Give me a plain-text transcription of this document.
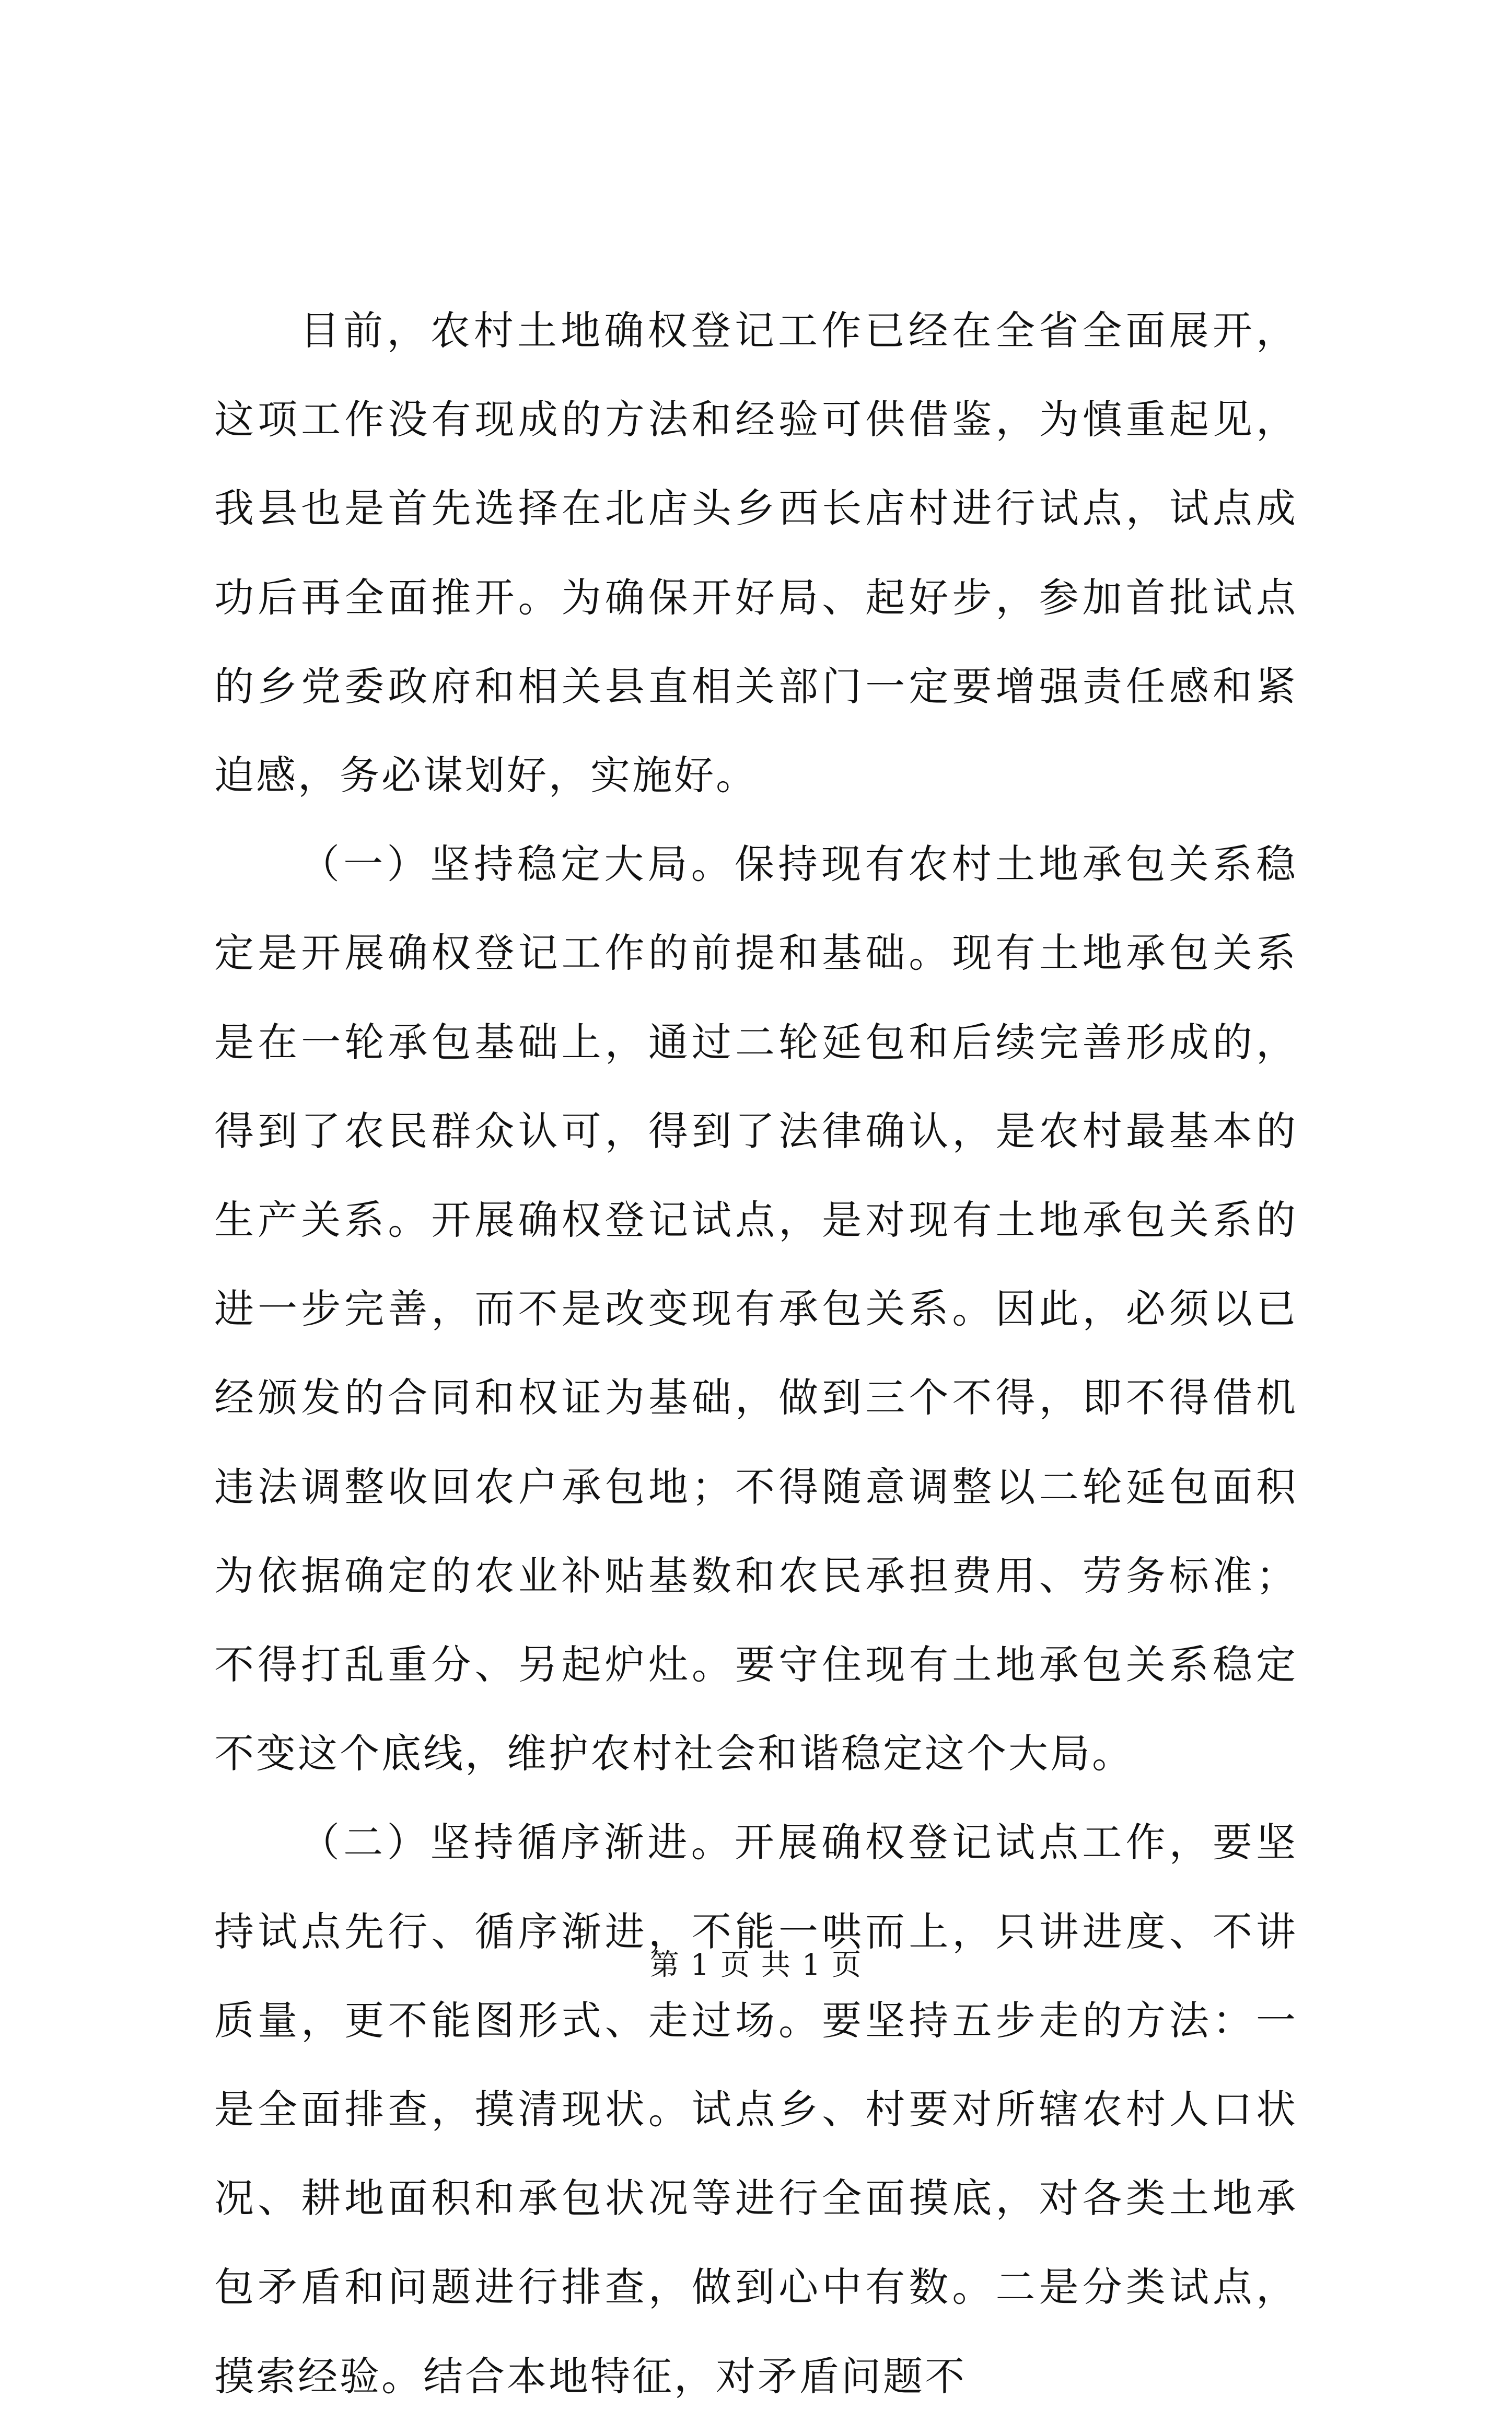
目前，农村土地确权登记工作已经在全省全面展开，这项工作没有现成的方法和经验可供借鉴，为慎重起见，我县也是首先选择在北店头乡西长店村进行试点，试点成功后再全面推开。为确保开好局、起好步，参加首批试点的乡党委政府和相关县直相关部门一定要增强责任感和紧迫感，务必谋划好，实施好。

（一）坚持稳定大局。保持现有农村土地承包关系稳定是开展确权登记工作的前提和基础。现有土地承包关系是在一轮承包基础上，通过二轮延包和后续完善形成的，得到了农民群众认可，得到了法律确认，是农村最基本的生产关系。开展确权登记试点，是对现有土地承包关系的进一步完善，而不是改变现有承包关系。因此，必须以已经颁发的合同和权证为基础，做到三个不得，即不得借机违法调整收回农户承包地；不得随意调整以二轮延包面积为依据确定的农业补贴基数和农民承担费用、劳务标准；不得打乱重分、另起炉灶。要守住现有土地承包关系稳定不变这个底线，维护农村社会和谐稳定这个大局。

（二）坚持循序渐进。开展确权登记试点工作，要坚持试点先行、循序渐进，不能一哄而上，只讲进度、不讲质量，更不能图形式、走过场。要坚持五步走的方法：一是全面排查，摸清现状。试点乡、村要对所辖农村人口状况、耕地面积和承包状况等进行全面摸底，对各类土地承包矛盾和问题进行排查，做到心中有数。二是分类试点，摸索经验。结合本地特征，对矛盾问题不

第 1 页 共 1 页
